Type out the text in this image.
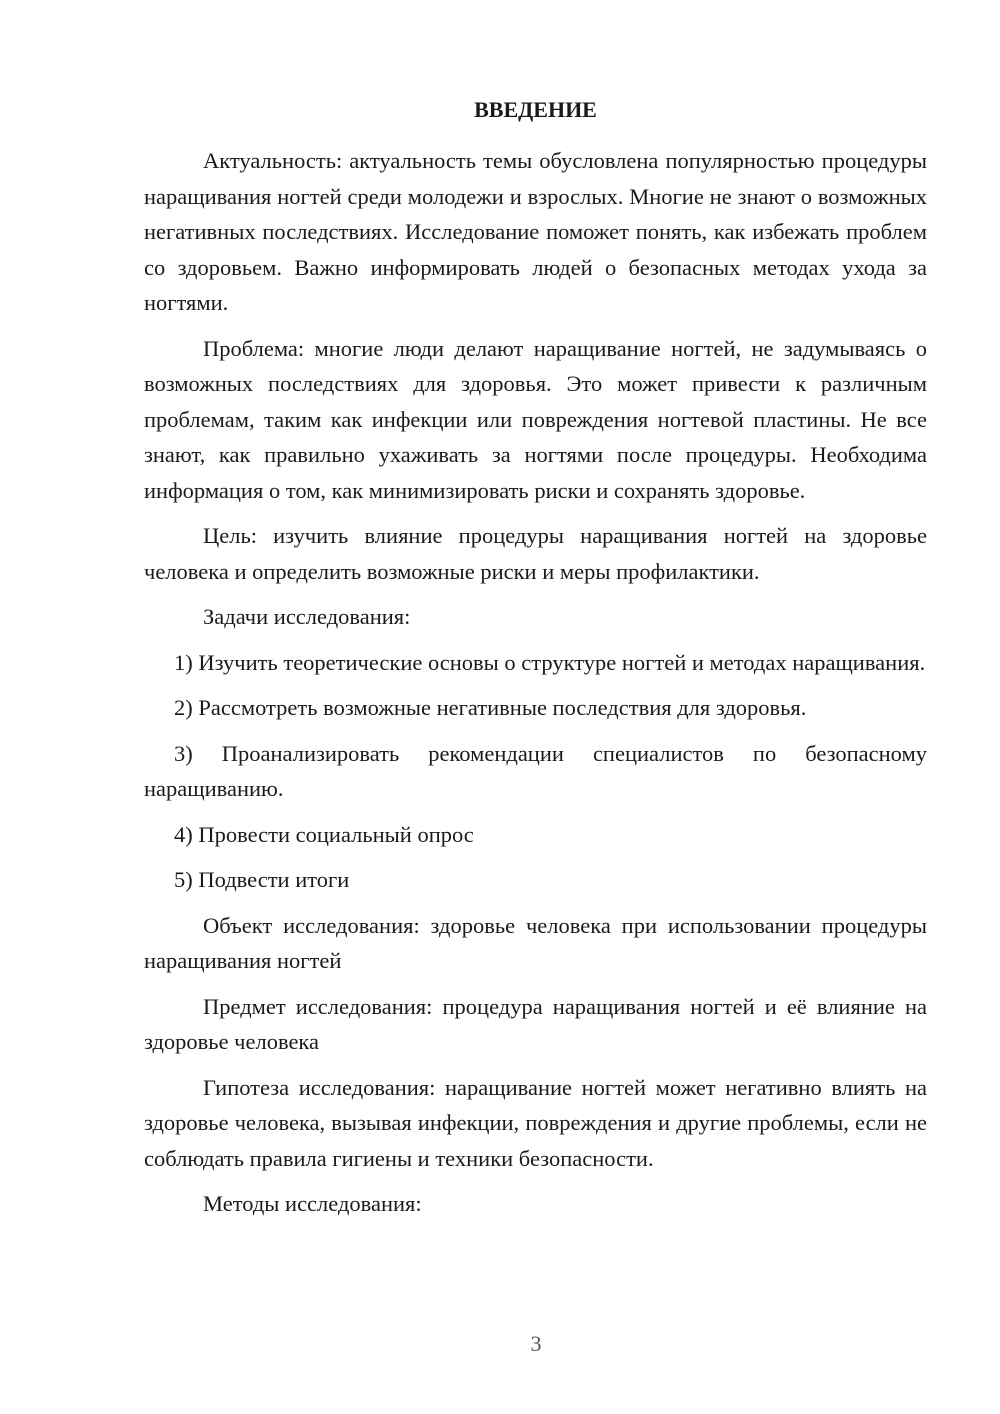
ВВЕДЕНИЕ

Актуальность: актуальность темы обусловлена популярностью процедуры наращивания ногтей среди молодежи и взрослых. Многие не знают о возможных негативных последствиях. Исследование поможет понять, как избежать проблем со здоровьем. Важно информировать людей о безопасных методах ухода за ногтями.

Проблема: многие люди делают наращивание ногтей, не задумываясь о возможных последствиях для здоровья. Это может привести к различным проблемам, таким как инфекции или повреждения ногтевой пластины. Не все знают, как правильно ухаживать за ногтями после процедуры. Необходима информация о том, как минимизировать риски и сохранять здоровье.

Цель: изучить влияние процедуры наращивания ногтей на здоровье человека и определить возможные риски и меры профилактики.

Задачи исследования:

1) Изучить теоретические основы о структуре ногтей и методах наращивания.

2) Рассмотреть возможные негативные последствия для здоровья.

3) Проанализировать рекомендации специалистов по безопасному наращиванию.

4) Провести социальный опрос

5) Подвести итоги

Объект исследования: здоровье человека при использовании процедуры наращивания ногтей

Предмет исследования: процедура наращивания ногтей и её влияние на здоровье человека

Гипотеза исследования: наращивание ногтей может негативно влиять на здоровье человека, вызывая инфекции, повреждения и другие проблемы, если не соблюдать правила гигиены и техники безопасности.

Методы исследования:

3
